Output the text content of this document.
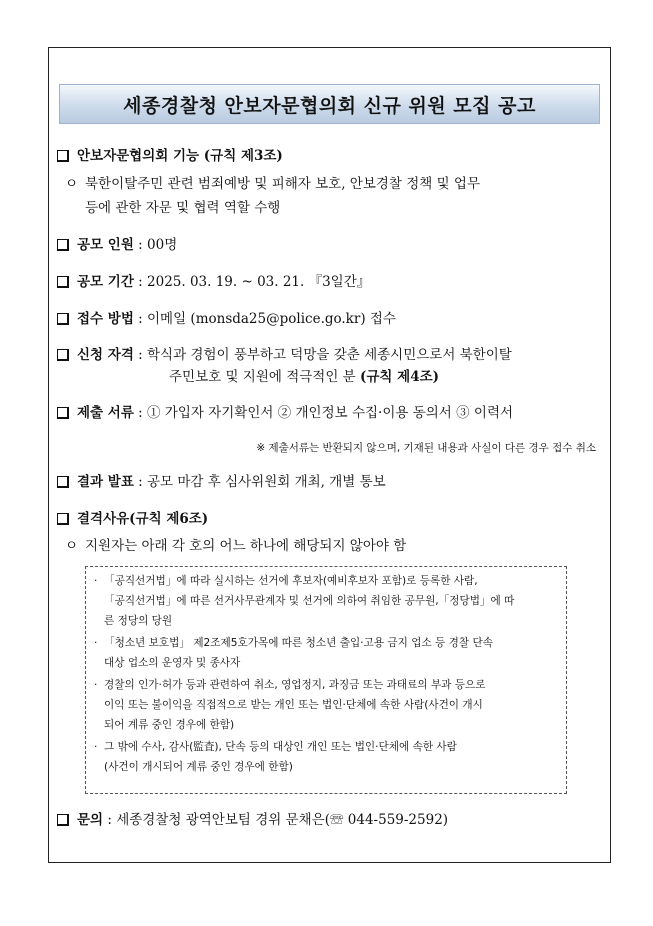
세종경찰청 안보자문협의회 신규 위원 모집 공고
안보자문협의회 기능 (규칙 제3조)
ㅇ 북한이탈주민 관련 범죄예방 및 피해자 보호, 안보경찰 정책 및 업무
등에 관한 자문 및 협력 역할 수행
공모 인원 : 00명
공모 기간 : 2025. 03. 19. ~ 03. 21. 『3일간』
접수 방법 : 이메일 (monsda25@police.go.kr) 접수
신청 자격 : 학식과 경험이 풍부하고 덕망을 갖춘 세종시민으로서 북한이탈
주민보호 및 지원에 적극적인 분 (규칙 제4조)
제출 서류 : ① 가입자 자기확인서 ② 개인정보 수집·이용 동의서 ③ 이력서
※ 제출서류는 반환되지 않으며, 기재된 내용과 사실이 다른 경우 접수 취소
결과 발표 : 공모 마감 후 심사위원회 개최, 개별 통보
결격사유(규칙 제6조)
ㅇ 지원자는 아래 각 호의 어느 하나에 해당되지 않아야 함
· 「공직선거법」에 따라 실시하는 선거에 후보자(예비후보자 포함)로 등록한 사람,
「공직선거법」에 따른 선거사무관계자 및 선거에 의하여 취임한 공무원,「정당법」에 따
른 정당의 당원
· 「청소년 보호법」 제2조제5호가목에 따른 청소년 출입·고용 금지 업소 등 경찰 단속
대상 업소의 운영자 및 종사자
· 경찰의 인가·허가 등과 관련하여 취소, 영업정지, 과징금 또는 과태료의 부과 등으로
이익 또는 불이익을 직접적으로 받는 개인 또는 법인·단체에 속한 사람(사건이 개시
되어 계류 중인 경우에 한함)
· 그 밖에 수사, 감사(監査), 단속 등의 대상인 개인 또는 법인·단체에 속한 사람
(사건이 개시되어 계류 중인 경우에 한함)
문의 : 세종경찰청 광역안보팀 경위 문채은(☏ 044-559-2592)
